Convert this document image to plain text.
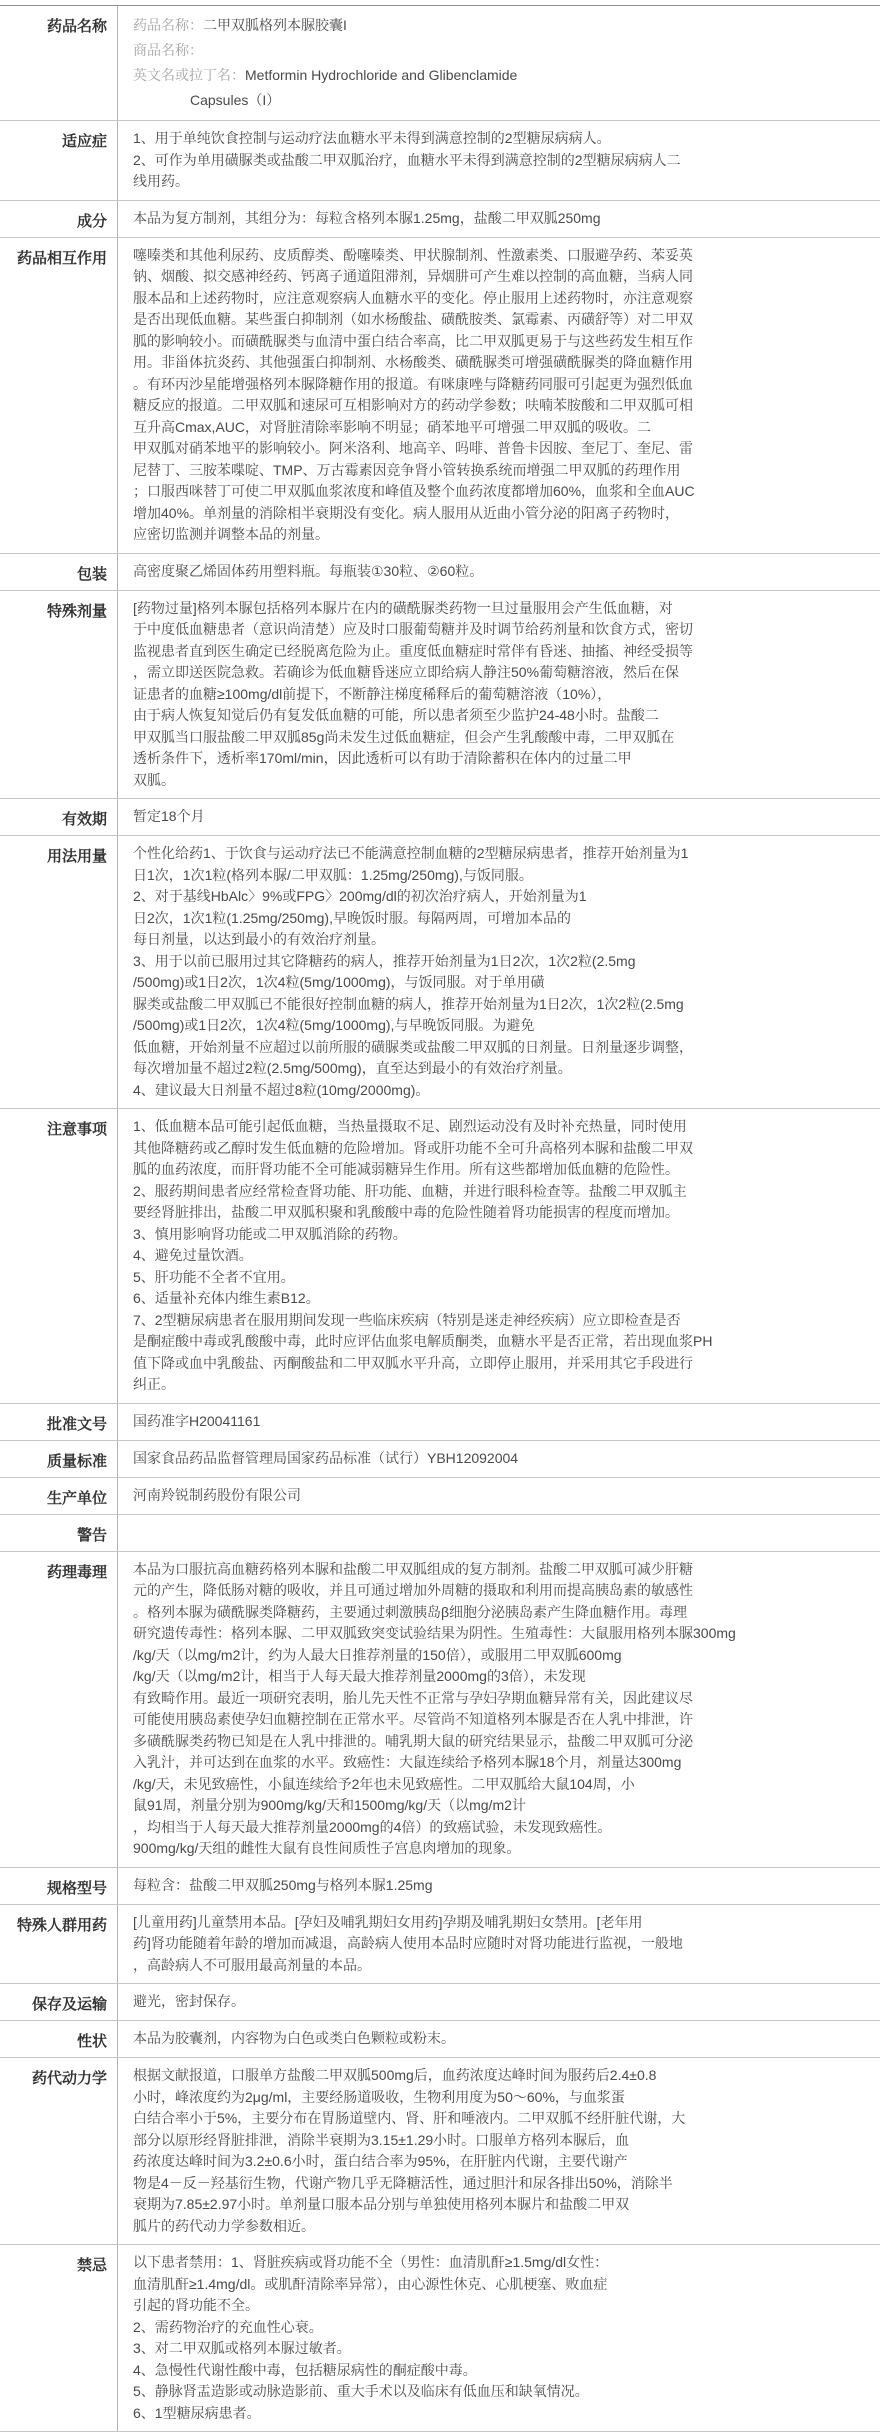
药品名称	药品名称：二甲双胍格列本脲胶囊I
商品名称：
英文名或拉丁名：Metformin Hydrochloride and Glibenclamide
Capsules（I）
适应症	1、用于单纯饮食控制与运动疗法血糖水平未得到满意控制的2型糖尿病病人。
2、可作为单用磺脲类或盐酸二甲双胍治疗，血糖水平未得到满意控制的2型糖尿病病人二
线用药。
成分	本品为复方制剂，其组分为：每粒含格列本脲1.25mg，盐酸二甲双胍250mg
药品相互作用	噻嗪类和其他利尿药、皮质醇类、酚噻嗪类、甲状腺制剂、性激素类、口服避孕药、苯妥英
钠、烟酸、拟交感神经药、钙离子通道阻滞剂，异烟肼可产生难以控制的高血糖，当病人同
服本品和上述药物时，应注意观察病人血糖水平的变化。停止服用上述药物时，亦注意观察
是否出现低血糖。某些蛋白抑制剂（如水杨酸盐、磺酰胺类、氯霉素、丙磺舒等）对二甲双
胍的影响较小。而磺酰脲类与血清中蛋白结合率高，比二甲双胍更易于与这些药发生相互作
用。非甾体抗炎药、其他强蛋白抑制剂、水杨酸类、磺酰脲类可增强磺酰脲类的降血糖作用
。有环丙沙星能增强格列本脲降糖作用的报道。有咪康唑与降糖药同服可引起更为强烈低血
糖反应的报道。二甲双胍和速尿可互相影响对方的药动学参数；呋喃苯胺酸和二甲双胍可相
互升高Cmax,AUC，对肾脏清除率影响不明显；硝苯地平可增强二甲双胍的吸收。二
甲双胍对硝苯地平的影响较小。阿米洛利、地高辛、吗啡、普鲁卡因胺、奎尼丁、奎尼、雷
尼替丁、三胺苯喋啶、TMP、万古霉素因竞争肾小管转换系统而增强二甲双胍的药理作用
；口服西咪替丁可使二甲双胍血浆浓度和峰值及整个血药浓度都增加60%，血浆和全血AUC
增加40%。单剂量的消除相半衰期没有变化。病人服用从近曲小管分泌的阳离子药物时，
应密切监测并调整本品的剂量。
包装	高密度聚乙烯固体药用塑料瓶。每瓶装①30粒、②60粒。
特殊剂量	[药物过量]格列本脲包括格列本脲片在内的磺酰脲类药物一旦过量服用会产生低血糖，对
于中度低血糖患者（意识尚清楚）应及时口服葡萄糖并及时调节给药剂量和饮食方式，密切
监视患者直到医生确定已经脱离危险为止。重度低血糖症时常伴有昏迷、抽搐、神经受损等
，需立即送医院急救。若确诊为低血糖昏迷应立即给病人静注50%葡萄糖溶液，然后在保
证患者的血糖≥100mg/dl前提下，不断静注梯度稀释后的葡萄糖溶液（10%），
由于病人恢复知觉后仍有复发低血糖的可能，所以患者须至少监护24-48小时。盐酸二
甲双胍当口服盐酸二甲双胍85g尚未发生过低血糖症，但会产生乳酸酸中毒，二甲双胍在
透析条件下，透析率170ml/min，因此透析可以有助于清除蓄积在体内的过量二甲
双胍。
有效期	暂定18个月
用法用量	个性化给药1、于饮食与运动疗法已不能满意控制血糖的2型糖尿病患者，推荐开始剂量为1
日1次，1次1粒(格列本脲/二甲双胍：1.25mg/250mg),与饭同服。
2、对于基线HbAlc〉9%或FPG〉200mg/dl的初次治疗病人，开始剂量为1
日2次，1次1粒(1.25mg/250mg),早晚饭时服。每隔两周，可增加本品的
每日剂量，以达到最小的有效治疗剂量。
3、用于以前已服用过其它降糖药的病人，推荐开始剂量为1日2次，1次2粒(2.5mg
/500mg)或1日2次，1次4粒(5mg/1000mg)，与饭同服。对于单用磺
脲类或盐酸二甲双胍已不能很好控制血糖的病人，推荐开始剂量为1日2次，1次2粒(2.5mg
/500mg)或1日2次，1次4粒(5mg/1000mg),与早晚饭同服。为避免
低血糖，开始剂量不应超过以前所服的磺脲类或盐酸二甲双胍的日剂量。日剂量逐步调整，
每次增加量不超过2粒(2.5mg/500mg)，直至达到最小的有效治疗剂量。
4、建议最大日剂量不超过8粒(10mg/2000mg)。
注意事项	1、低血糖本品可能引起低血糖，当热量摄取不足、剧烈运动没有及时补充热量，同时使用
其他降糖药或乙醇时发生低血糖的危险增加。肾或肝功能不全可升高格列本脲和盐酸二甲双
胍的血药浓度，而肝肾功能不全可能减弱糖异生作用。所有这些都增加低血糖的危险性。
2、服药期间患者应经常检查肾功能、肝功能、血糖，并进行眼科检查等。盐酸二甲双胍主
要经肾脏排出，盐酸二甲双胍积聚和乳酸酸中毒的危险性随着肾功能损害的程度而增加。
3、慎用影响肾功能或二甲双胍消除的药物。
4、避免过量饮酒。
5、肝功能不全者不宜用。
6、适量补充体内维生素B12。
7、2型糖尿病患者在服用期间发现一些临床疾病（特别是迷走神经疾病）应立即检查是否
是酮症酸中毒或乳酸酸中毒，此时应评估血浆电解质酮类，血糖水平是否正常，若出现血浆PH
值下降或血中乳酸盐、丙酮酸盐和二甲双胍水平升高，立即停止服用，并采用其它手段进行
纠正。
批准文号	国药准字H20041161
质量标准	国家食品药品监督管理局国家药品标准（试行）YBH12092004
生产单位	河南羚锐制药股份有限公司
警告
药理毒理	本品为口服抗高血糖药格列本脲和盐酸二甲双胍组成的复方制剂。盐酸二甲双胍可减少肝糖
元的产生，降低肠对糖的吸收，并且可通过增加外周糖的摄取和利用而提高胰岛素的敏感性
。格列本脲为磺酰脲类降糖药，主要通过刺激胰岛β细胞分泌胰岛素产生降血糖作用。毒理
研究遗传毒性：格列本脲、二甲双胍致突变试验结果为阴性。生殖毒性：大鼠服用格列本脲300mg
/kg/天（以mg/m2计，约为人最大日推荐剂量的150倍），或服用二甲双胍600mg
/kg/天（以mg/m2计，相当于人每天最大推荐剂量2000mg的3倍），未发现
有致畸作用。最近一项研究表明，胎儿先天性不正常与孕妇孕期血糖异常有关，因此建议尽
可能使用胰岛素使孕妇血糖控制在正常水平。尽管尚不知道格列本脲是否在人乳中排泄，许
多磺酰脲类药物已知是在人乳中排泄的。哺乳期大鼠的研究结果显示，盐酸二甲双胍可分泌
入乳汁，并可达到在血浆的水平。致癌性：大鼠连续给予格列本脲18个月，剂量达300mg
/kg/天，未见致癌性，小鼠连续给予2年也未见致癌性。二甲双胍给大鼠104周，小
鼠91周，剂量分别为900mg/kg/天和1500mg/kg/天（以mg/m2计
，均相当于人每天最大推荐剂量2000mg的4倍）的致癌试验，未发现致癌性。
900mg/kg/天组的雌性大鼠有良性间质性子宫息肉增加的现象。
规格型号	每粒含：盐酸二甲双胍250mg与格列本脲1.25mg
特殊人群用药	[儿童用药]儿童禁用本品。[孕妇及哺乳期妇女用药]孕期及哺乳期妇女禁用。[老年用
药]肾功能随着年龄的增加而减退，高龄病人使用本品时应随时对肾功能进行监视，一般地
，高龄病人不可服用最高剂量的本品。
保存及运输	避光，密封保存。
性状	本品为胶囊剂，内容物为白色或类白色颗粒或粉末。
药代动力学	根据文献报道，口服单方盐酸二甲双胍500mg后，血药浓度达峰时间为服药后2.4±0.8
小时，峰浓度约为2μg/ml，主要经肠道吸收，生物利用度为50～60%，与血浆蛋
白结合率小于5%，主要分布在胃肠道壁内、肾、肝和唾液内。二甲双胍不经肝脏代谢，大
部分以原形经肾脏排泄，消除半衰期为3.15±1.29小时。口服单方格列本脲后，血
药浓度达峰时间为3.2±0.6小时，蛋白结合率为95%，在肝脏内代谢，主要代谢产
物是4－反－羟基衍生物，代谢产物几乎无降糖活性，通过胆汁和尿各排出50%，消除半
衰期为7.85±2.97小时。单剂量口服本品分别与单独使用格列本脲片和盐酸二甲双
胍片的药代动力学参数相近。
禁忌	以下患者禁用：1、肾脏疾病或肾功能不全（男性：血清肌酐≥1.5mg/dl女性：
血清肌酐≥1.4mg/dl。或肌酐清除率异常），由心源性休克、心肌梗塞、败血症
引起的肾功能不全。
2、需药物治疗的充血性心衰。
3、对二甲双胍或格列本脲过敏者。
4、急慢性代谢性酸中毒，包括糖尿病性的酮症酸中毒。
5、静脉肾盂造影或动脉造影前、重大手术以及临床有低血压和缺氧情况。
6、1型糖尿病患者。
